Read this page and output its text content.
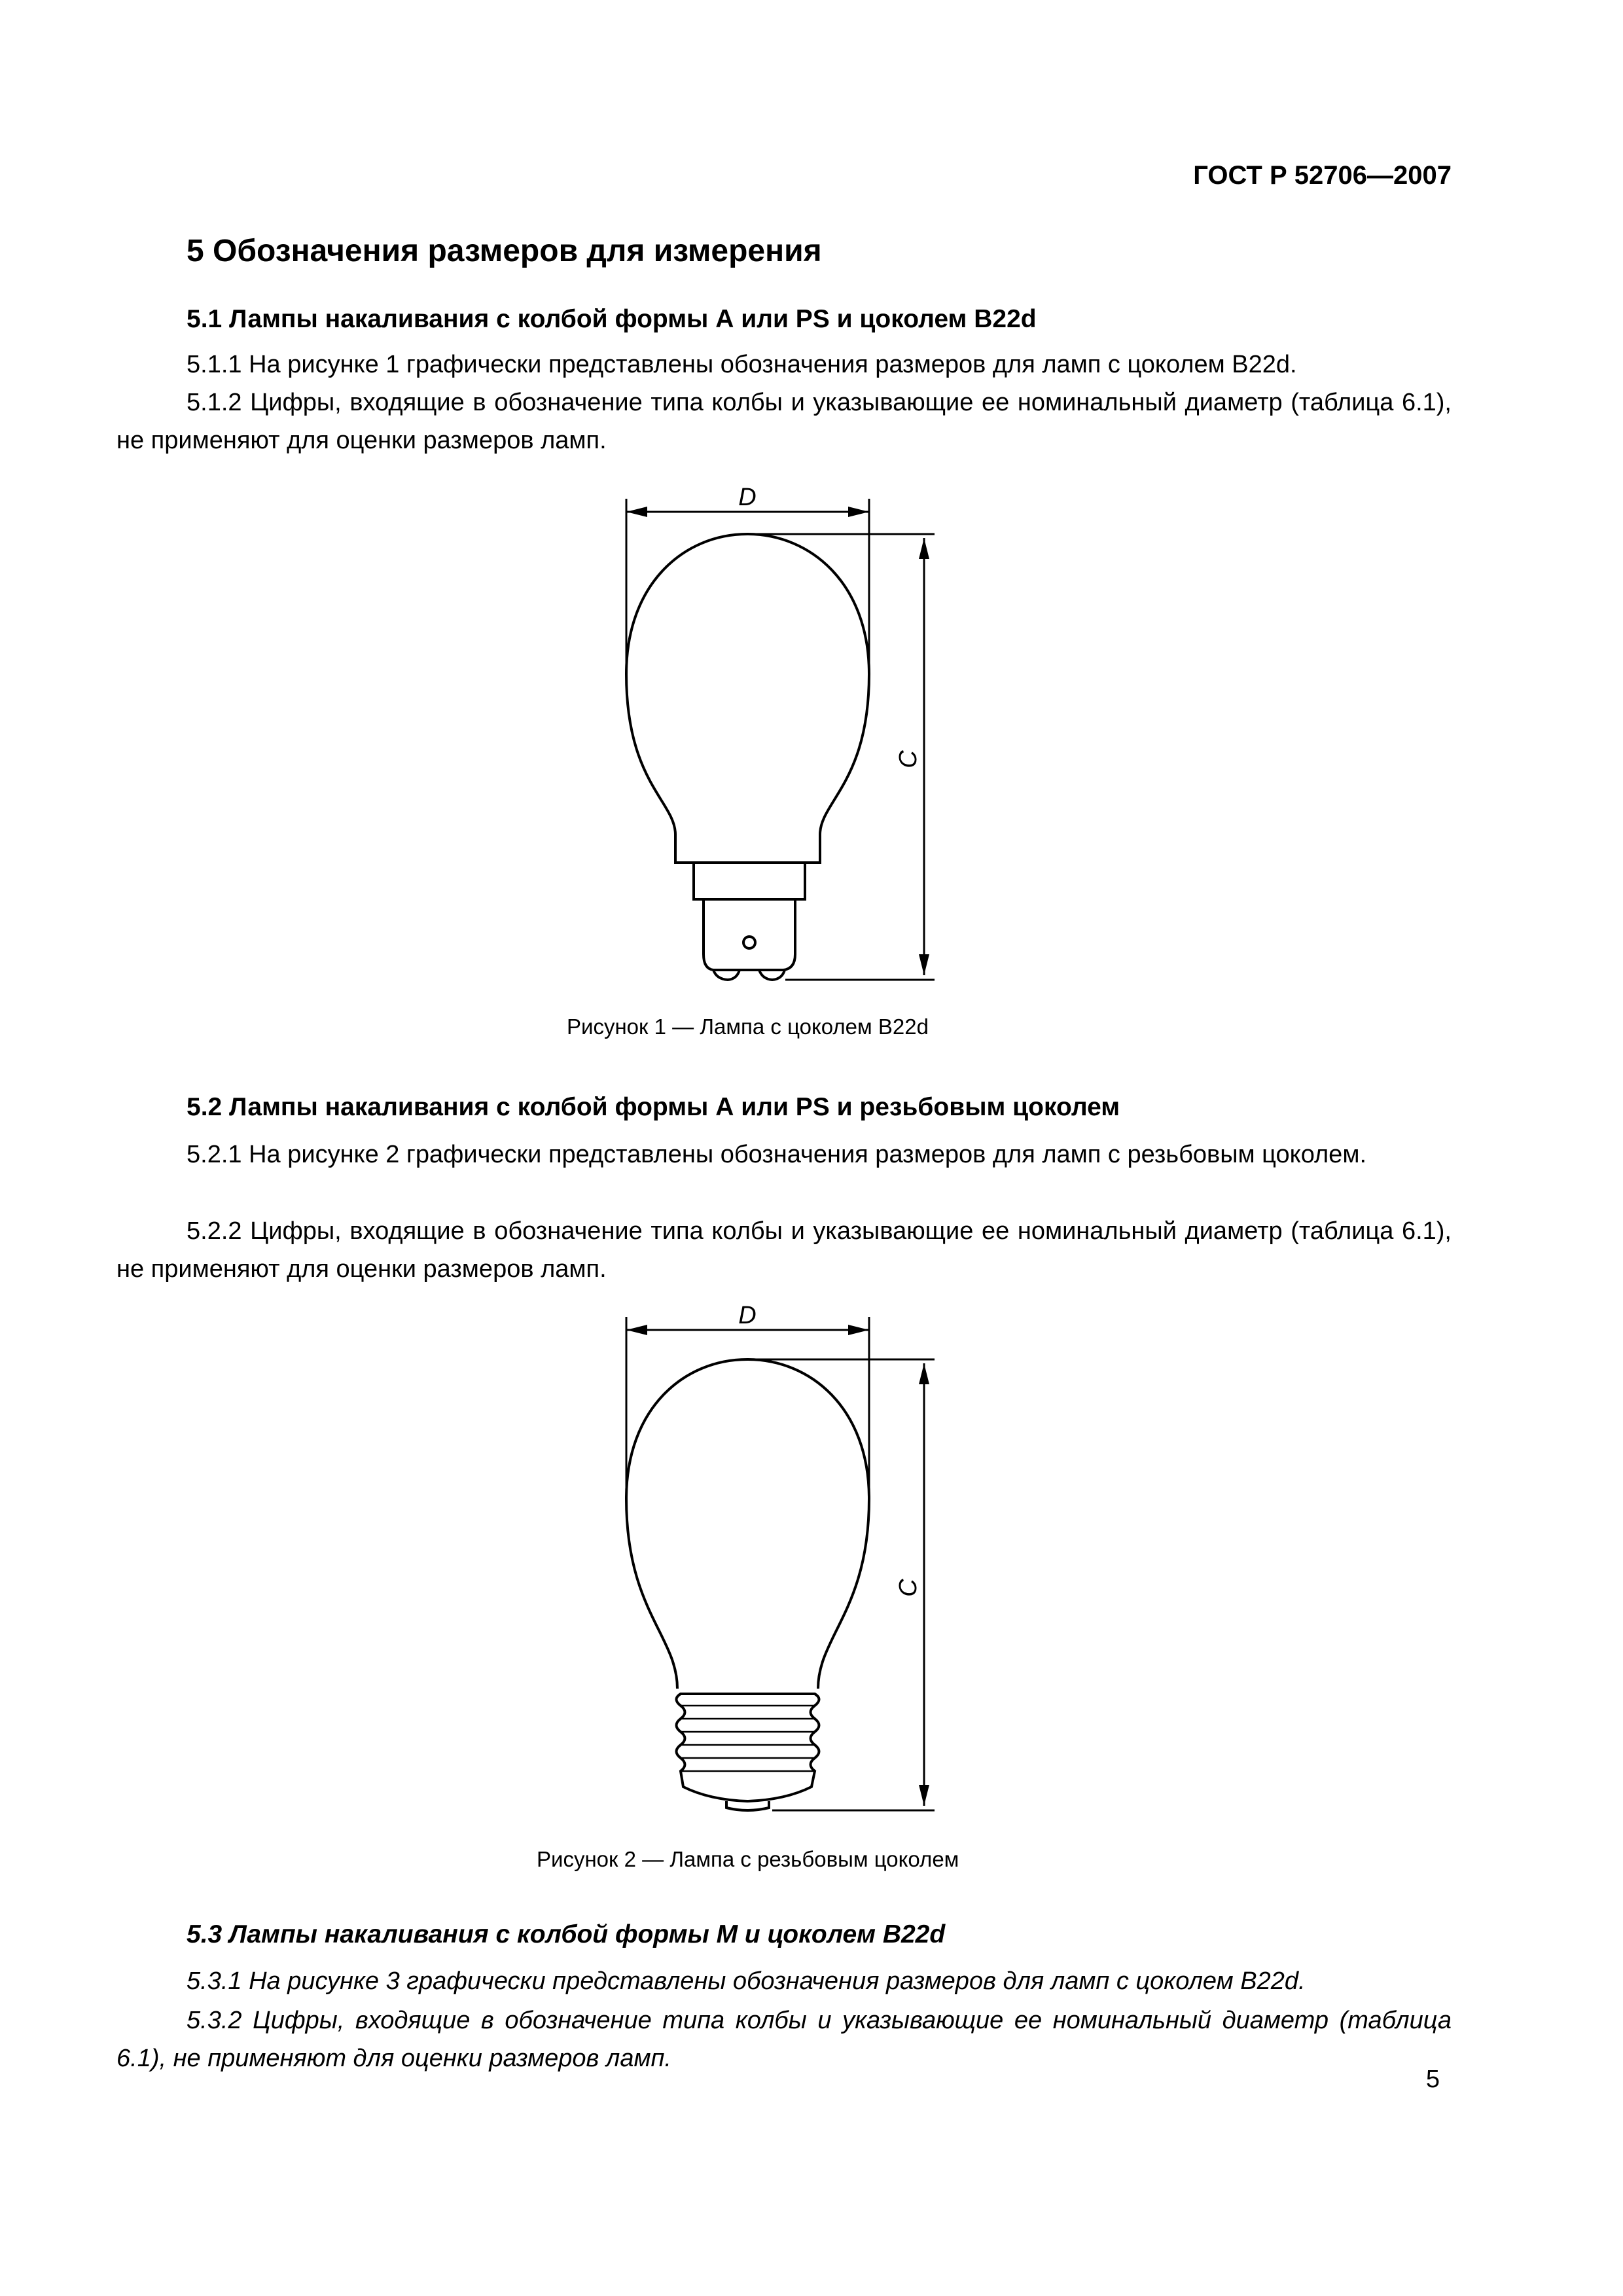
ГОСТ Р 52706—2007
5 Обозначения размеров для измерения
5.1 Лампы накаливания с колбой формы А или PS и цоколем В22d
5.1.1 На рисунке 1 графически представлены обозначения размеров для ламп с цоколем В22d.
5.1.2 Цифры, входящие в обозначение типа колбы и указывающие ее номинальный диаметр (таблица 6.1), не применяют для оценки размеров ламп.
D
C
Рисунок 1 — Лампа с цоколем В22d
5.2 Лампы накаливания с колбой формы А или PS и резьбовым цоколем
5.2.1 На рисунке 2 графически представлены обозначения размеров для ламп с резьбовым цоколем.
5.2.2 Цифры, входящие в обозначение типа колбы и указывающие ее номинальный диаметр (таблица 6.1), не применяют для оценки размеров ламп.
D
C
Рисунок 2 — Лампа с резьбовым цоколем
5.3 Лампы накаливания с колбой формы М и цоколем В22d
5.3.1 На рисунке 3 графически представлены обозначения размеров для ламп с цоколем В22d.
5.3.2 Цифры, входящие в обозначение типа колбы и указывающие ее номинальный диаметр (таблица 6.1), не применяют для оценки размеров ламп.
5
